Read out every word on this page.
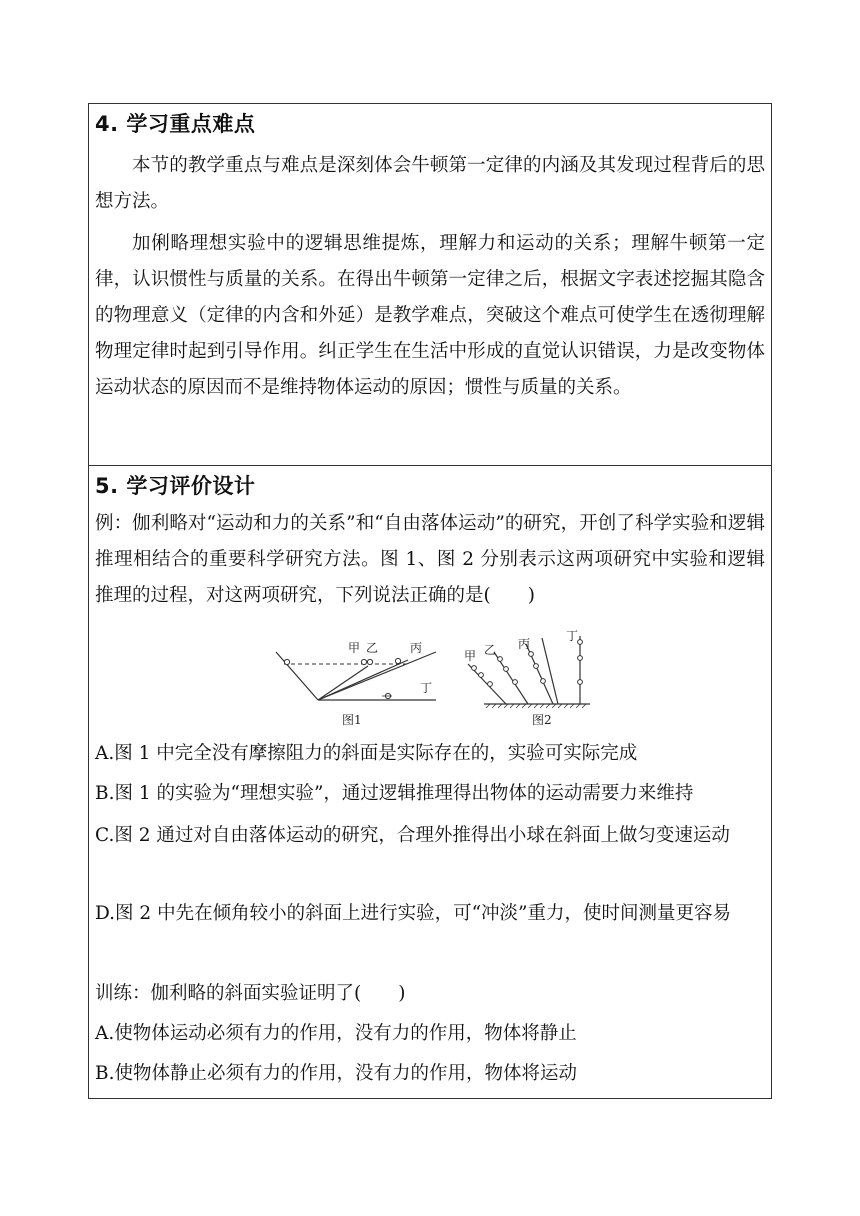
4. 学习重点难点
本节的教学重点与难点是深刻体会牛顿第一定律的内涵及其发现过程背后的思想方法。
加俐略理想实验中的逻辑思维提炼，理解力和运动的关系；理解牛顿第一定律，认识惯性与质量的关系。在得出牛顿第一定律之后，根据文字表述挖掘其隐含的物理意义（定律的内含和外延）是教学难点，突破这个难点可使学生在透彻理解物理定律时起到引导作用。纠正学生在生活中形成的直觉认识错误，力是改变物体运动状态的原因而不是维持物体运动的原因；惯性与质量的关系。
5. 学习评价设计
例：伽利略对“运动和力的关系”和“自由落体运动”的研究，开创了科学实验和逻辑推理相结合的重要科学研究方法。图 1、图 2 分别表示这两项研究中实验和逻辑推理的过程，对这两项研究，下列说法正确的是(　　)
A.图 1 中完全没有摩擦阻力的斜面是实际存在的，实验可实际完成
B.图 1 的实验为“理想实验”，通过逻辑推理得出物体的运动需要力来维持
C.图 2 通过对自由落体运动的研究，合理外推得出小球在斜面上做匀变速运动
D.图 2 中先在倾角较小的斜面上进行实验，可“冲淡”重力，使时间测量更容易
训练：伽利略的斜面实验证明了(　　)
A.使物体运动必须有力的作用，没有力的作用，物体将静止
B.使物体静止必须有力的作用，没有力的作用，物体将运动
甲 乙	丙
丁
图1
甲 乙 丙
丁
图2
